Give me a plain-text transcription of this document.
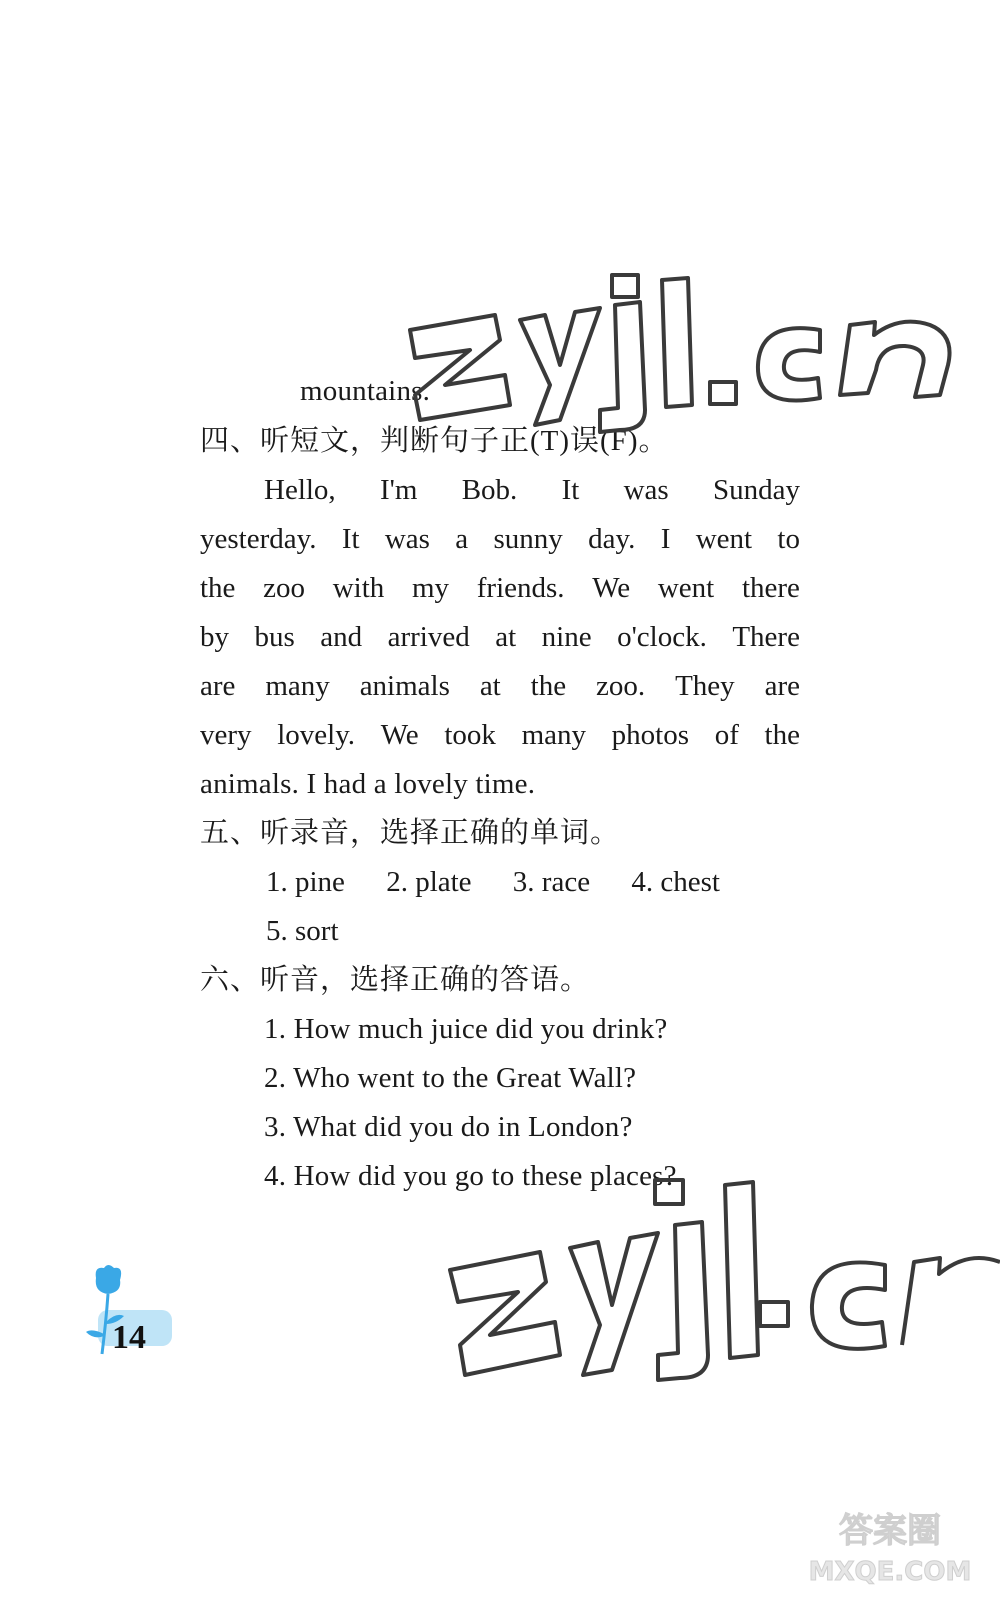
mountains.
四、听短文，判断句子正(T)误(F)。
Hello, I'm Bob. It was Sunday
yesterday. It was a sunny day. I went to
the zoo with my friends. We went there
by bus and arrived at nine o'clock. There
are many animals at the zoo. They are
very lovely. We took many photos of the
animals. I had a lovely time.
五、听录音，选择正确的单词。
1. pine 2. plate 3. race 4. chest
5. sort
六、听音，选择正确的答语。
1. How much juice did you drink?
2. Who went to the Great Wall?
3. What did you do in London?
4. How did you go to these places?
14
答案圈
MXQE.COM
